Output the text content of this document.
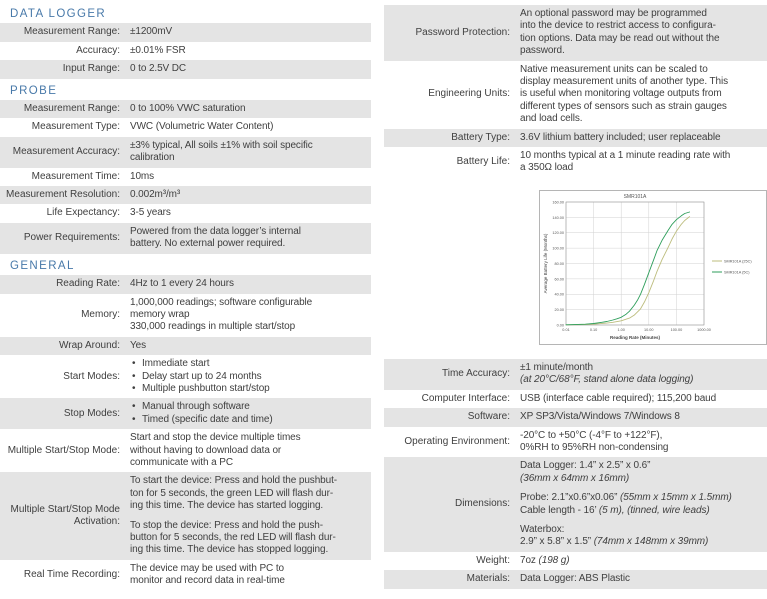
DATA LOGGER
Measurement Range: ±1200mV
Accuracy: ±0.01% FSR
Input Range: 0 to 2.5V DC
PROBE
Measurement Range: 0 to 100% VWC saturation
Measurement Type: VWC (Volumetric Water Content)
Measurement Accuracy:
±3% typical, All soils ±1% with soil specific
calibration
Measurement Time: 10ms
Measurement Resolution: 0.002m³/m³
Life Expectancy: 3-5 years
Power Requirements:
Powered from the data logger’s internal
battery. No external power required.
GENERAL
Reading Rate: 4Hz to 1 every 24 hours
Memory:
1,000,000 readings; software configurable
memory wrap
330,000 readings in multiple start/stop
Wrap Around: Yes
Start Modes:
• Immediate start
• Delay start up to 24 months
• Multiple pushbutton start/stop
Stop Modes:
• Manual through software
• Timed (specific date and time)
Multiple Start/Stop Mode:
Start and stop the device multiple times
without having to download data or
communicate with a PC
Multiple Start/Stop Mode Activation:
To start the device: Press and hold the pushbut-
ton for 5 seconds, the green LED will flash dur-
ing this time. The device has started logging.
To stop the device: Press and hold the push-
button for 5 seconds, the red LED will flash dur-
ing this time. The device has stopped logging.
Real Time Recording:
The device may be used with PC to
monitor and record data in real-time
Password Protection:
An optional password may be programmed
into the device to restrict access to configura-
tion options. Data may be read out without the
password.
Engineering Units:
Native measurement units can be scaled to
display measurement units of another type. This
is useful when monitoring voltage outputs from
different types of sensors such as strain gauges
and load cells.
Battery Type: 3.6V lithium battery included; user replaceable
Battery Life:
10 months typical at a 1 minute reading rate with
a 350Ω load
0.00
20.00
40.00
60.00
80.00
100.00
120.00
140.00
160.00
0.01	0.10	1.00	10.00	100.00	1000.00
SMR101A
Reading Rate (Minutes)
Average Battery Life (Months)	SMR101A (25C)
SMR101A (5C)
Time Accuracy:
±1 minute/month
(at 20°C/68°F, stand alone data logging)
Computer Interface: USB (interface cable required); 115,200 baud
Software: XP SP3/Vista/Windows 7/Windows 8
Operating Environment:
-20°C to +50°C (-4°F to +122°F),
0%RH to 95%RH non-condensing
Dimensions:
Data Logger: 1.4” x 2.5” x 0.6”
(36mm x 64mm x 16mm)
Probe: 2.1”x0.6”x0.06” (55mm x 15mm x 1.5mm)
Cable length - 16’ (5 m), (tinned, wire leads)
Waterbox:
2.9” x 5.8” x 1.5” (74mm x 148mm x 39mm)
Weight: 7oz (198 g)
Materials: Data Logger: ABS Plastic
